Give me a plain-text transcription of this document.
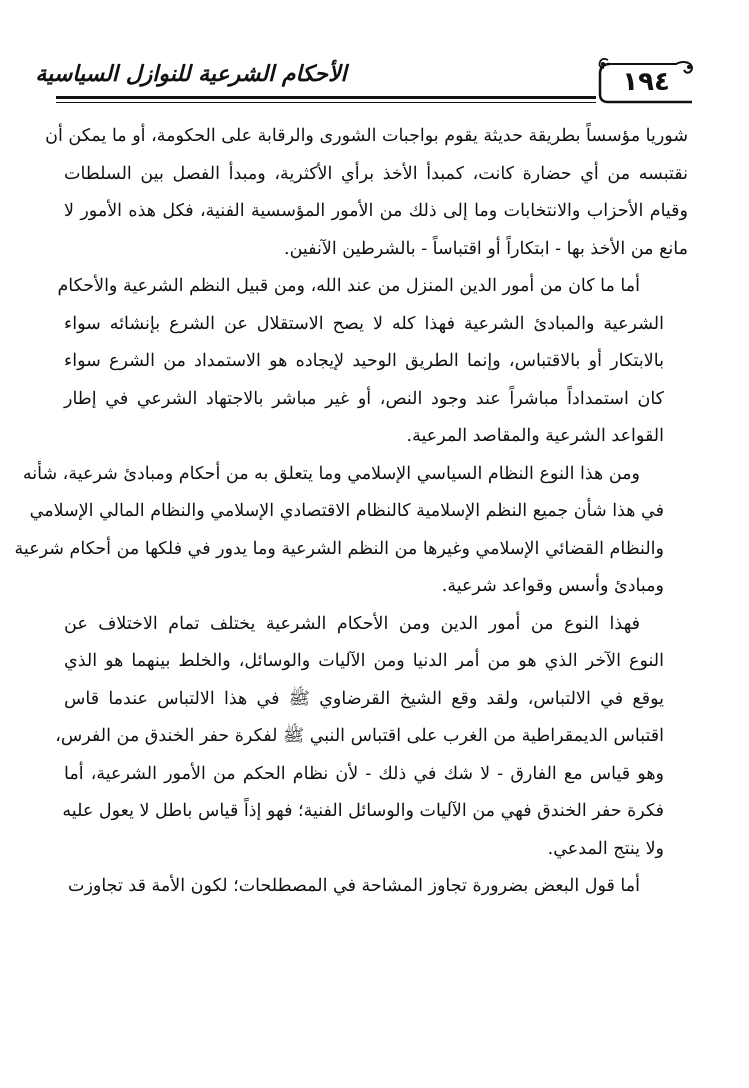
١٩٤
الأحكام الشرعية للنوازل السياسية

شوريا مؤسساً بطريقة حديثة يقوم بواجبات الشورى والرقابة على الحكومة، أو ما يمكن أن
نقتبسه من أي حضارة كانت، كمبدأ الأخذ برأي الأكثرية، ومبدأ الفصل بين السلطات
وقيام الأحزاب والانتخابات وما إلى ذلك من الأمور المؤسسية الفنية، فكل هذه الأمور لا
مانع من الأخذ بها - ابتكاراً أو اقتباساً - بالشرطين الآنفين.

أما ما كان من أمور الدين المنزل من عند الله، ومن قبيل النظم الشرعية والأحكام
الشرعية والمبادئ الشرعية فهذا كله لا يصح الاستقلال عن الشرع بإنشائه سواء
بالابتكار أو بالاقتباس، وإنما الطريق الوحيد لإيجاده هو الاستمداد من الشرع سواء
كان استمداداً مباشراً عند وجود النص، أو غير مباشر بالاجتهاد الشرعي في إطار
القواعد الشرعية والمقاصد المرعية.

ومن هذا النوع النظام السياسي الإسلامي وما يتعلق به من أحكام ومبادئ شرعية، شأنه
في هذا شأن جميع النظم الإسلامية كالنظام الاقتصادي الإسلامي والنظام المالي الإسلامي
والنظام القضائي الإسلامي وغيرها من النظم الشرعية وما يدور في فلكها من أحكام شرعية
ومبادئ وأسس وقواعد شرعية.

فهذا النوع من أمور الدين ومن الأحكام الشرعية يختلف تمام الاختلاف عن
النوع الآخر الذي هو من أمر الدنيا ومن الآليات والوسائل، والخلط بينهما هو الذي
يوقع في الالتباس، ولقد وقع الشيخ القرضاوي ﷺ في هذا الالتباس عندما قاس
اقتباس الديمقراطية من الغرب على اقتباس النبي ﷺ لفكرة حفر الخندق من الفرس،
وهو قياس مع الفارق - لا شك في ذلك - لأن نظام الحكم من الأمور الشرعية، أما
فكرة حفر الخندق فهي من الآليات والوسائل الفنية؛ فهو إذاً قياس باطل لا يعول عليه
ولا ينتج المدعي.

أما قول البعض بضرورة تجاوز المشاحة في المصطلحات؛ لكون الأمة قد تجاوزت
